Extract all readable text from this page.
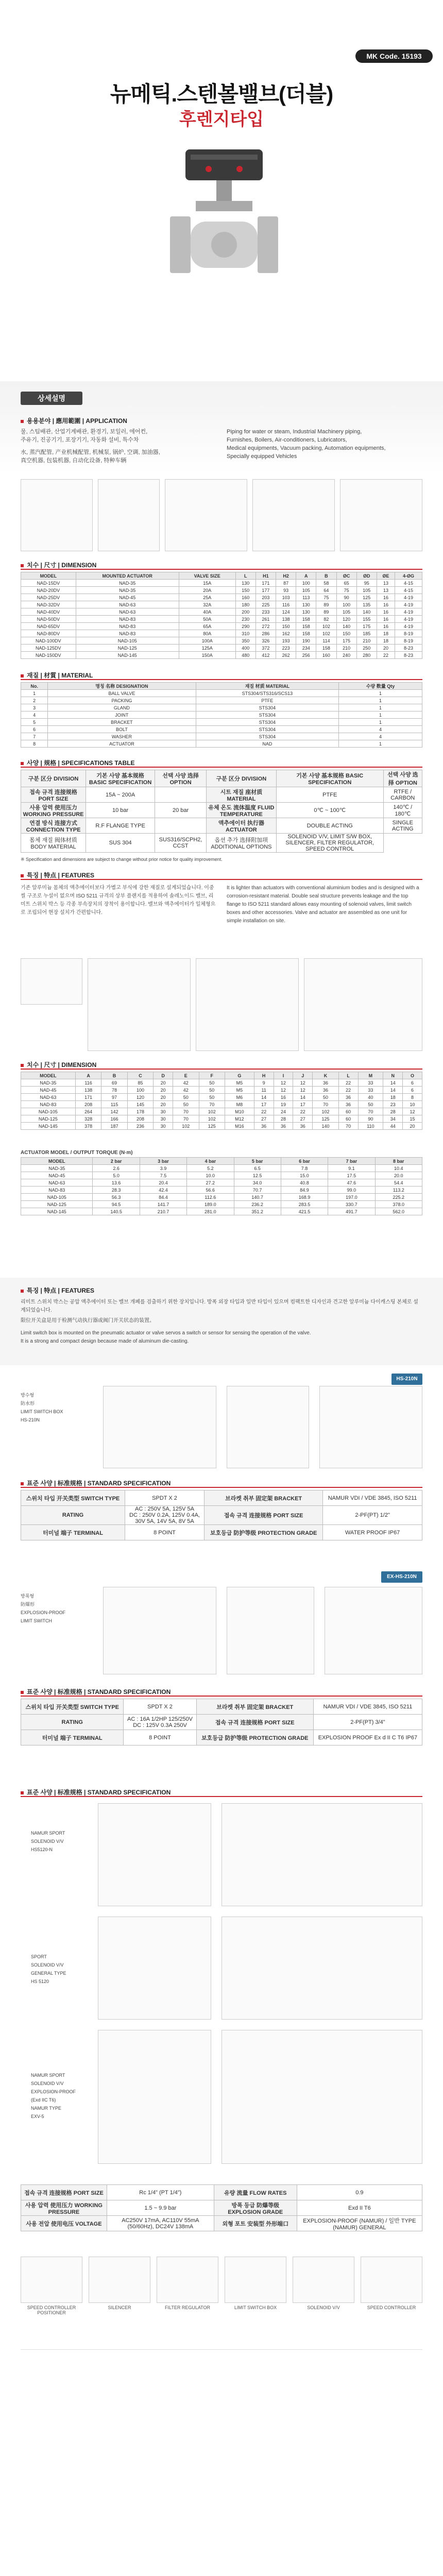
MK Code. 15193
뉴메틱.스텐볼밸브(더블)
후렌지타입
상세설명
용용분야 | 應用範圍 | APPLICATION
물, 스팀배관, 산업기계배관, 환경기, 보일러, 에어컨,
주유기, 진공기기, 포장기기, 자동화 설비, 특수차
水, 蒸汽配管, 产业机械配管, 机械泵, 锅炉, 空调, 加油器,
真空机器, 包装机器, 自动化设备, 特种车辆
Piping for water or steam, Industrial Machinery piping,
Furnishes, Boilers, Air-conditioners, Lubricators,
Medical equipments, Vacuum packing, Automation equipments,
Specially equipped Vehicles
치수 | 尺寸 | DIMENSION
MODEL	MOUNTED ACTUATOR	VALVE SIZE	L	H1	H2	A	B	ØC	ØD	ØE	4-ØG
NAD-15DV	NAD-35	15A	130	171	87	100	58	65	95	13	4-15
NAD-20DV	NAD-35	20A	150	177	93	105	64	75	105	13	4-15
NAD-25DV	NAD-45	25A	160	203	103	113	75	90	125	16	4-19
NAD-32DV	NAD-63	32A	180	225	116	130	89	100	135	16	4-19
NAD-40DV	NAD-63	40A	200	233	124	130	89	105	140	16	4-19
NAD-50DV	NAD-83	50A	230	261	138	158	82	120	155	16	4-19
NAD-65DV	NAD-83	65A	290	272	150	158	102	140	175	16	4-19
NAD-80DV	NAD-83	80A	310	286	162	158	102	150	185	18	8-19
NAD-100DV	NAD-105	100A	350	326	193	190	114	175	210	18	8-19
NAD-125DV	NAD-125	125A	400	372	223	234	158	210	250	20	8-23
NAD-150DV	NAD-145	150A	480	412	262	256	160	240	280	22	8-23
재질 | 材質 | MATERIAL
No.	명칭 名称 DESIGNATION	재질 材质 MATERIAL	수량 数量 Qty
1	BALL VALVE	STS304/STS316/SCS13	1
2	PACKING	PTFE	1
3	GLAND	STS304	1
4	JOINT	STS304	1
5	BRACKET	STS304	1
6	BOLT	STS304	4
7	WASHER	STS304	4
8	ACTUATOR	NAD	1
사양 | 规格 | SPECIFICATIONS TABLE
구분 区分 DIVISION	기본 사양 基本规格 BASIC SPECIFICATION	선택 사양 选择 OPTION	구분 区分 DIVISION	기본 사양 基本规格 BASIC SPECIFICATION	선택 사양 选择 OPTION
접속 규격 连接规格 PORT SIZE	15A ~ 200A		시트 재질 座材质 MATERIAL	PTFE	RTFE / CARBON
사용 압력 使用压力 WORKING PRESSURE	10 bar	20 bar	유체 온도 流体温度 FLUID TEMPERATURE	0℃ ~ 100℃	140℃ / 180℃
연결 방식 连接方式 CONNECTION TYPE	R.F FLANGE TYPE		액추에이터 执行器 ACTUATOR	DOUBLE ACTING	SINGLE ACTING
몸체 재질 阀体材质 BODY MATERIAL	SUS 304	SUS316/SCPH2, CCST	옵션 추가 选择附加项 ADDITIONAL OPTIONS	SOLENOID V/V, LIMIT S/W BOX, SILENCER, FILTER REGULATOR, SPEED CONTROL	
※ Specification and dimensions are subject to change without prior notice for quality improvement.
특징 | 特点 | FEATURES
기존 알루미늄 몸체의 액추에이터보다 가볍고 부식에 강한 재질로 설계되었습니다. 이중 씰 구조로 누설이 없으며 ISO 5211 규격의 상부 플랜지를 적용하여 솔레노이드 밸브, 리미트 스위치 박스 등 각종 부속장치의 장착이 용이합니다. 밸브와 액추에이터가 일체형으로 조립되어 현장 설치가 간편합니다.
It is lighter than actuators with conventional aluminium bodies and is designed with a corrosion-resistant material. Double seal structure prevents leakage and the top flange to ISO 5211 standard allows easy mounting of solenoid valves, limit switch boxes and other accessories. Valve and actuator are assembled as one unit for simple installation on site.
치수 | 尺寸 | DIMENSION
MODEL	A	B	C	D	E	F	G	H	I	J	K	L	M	N	O
NAD-35	116	69	85	20	42	50	M5	9	12	12	36	22	33	14	6
NAD-45	138	78	100	20	42	50	M5	11	12	12	36	22	33	14	6
NAD-63	171	97	120	20	50	50	M6	14	16	14	50	36	40	18	8
NAD-83	208	115	145	20	50	70	M8	17	19	17	70	36	50	23	10
NAD-105	264	142	178	30	70	102	M10	22	24	22	102	60	70	28	12
NAD-125	328	166	208	30	70	102	M12	27	28	27	125	60	90	34	15
NAD-145	378	187	236	30	102	125	M16	36	36	36	140	70	110	44	20
ACTUATOR MODEL / OUTPUT TORQUE (N·m)
MODEL	2 bar	3 bar	4 bar	5 bar	6 bar	7 bar	8 bar
NAD-35	2.6	3.9	5.2	6.5	7.8	9.1	10.4
NAD-45	5.0	7.5	10.0	12.5	15.0	17.5	20.0
NAD-63	13.6	20.4	27.2	34.0	40.8	47.6	54.4
NAD-83	28.3	42.4	56.6	70.7	84.9	99.0	113.2
NAD-105	56.3	84.4	112.6	140.7	168.9	197.0	225.2
NAD-125	94.5	141.7	189.0	236.2	283.5	330.7	378.0
NAD-145	140.5	210.7	281.0	351.2	421.5	491.7	562.0
특징 | 特点 | FEATURES
리미트 스위치 박스는 공압 액추에이터 또는 밸브 개폐를 검출하기 위한 장치입니다. 방폭 외장 타입과 일반 타입이 있으며 컴팩트한 디자인과 견고한 알루미늄 다이캐스팅 본체로 설계되었습니다.
限位开关盒是用于检测气动执行器或阀门开关状态的装置。
Limit switch box is mounted on the pneumatic actuator or valve servos a switch or sensor for sensing the operation of the valve.
It is a strong and compact design because made of aluminum die-casting.
HS-210N
방수형
防水形
LIMIT SWITCH BOX
HS-210N
표준 사양 | 标准规格 | STANDARD SPECIFICATION
스위치 타입 开关类型 SWITCH TYPE	SPDT X 2	브라켓 취부 固定架 BRACKET	NAMUR VDI / VDE 3845, ISO 5211
RATING	AC : 250V 5A, 125V 5A
DC : 250V 0.2A, 125V 0.4A,
30V 5A, 14V 5A, 8V 5A	접속 규격 连接规格 PORT SIZE	2-PF(PT) 1/2"
터미널 端子 TERMINAL	8 POINT	보호등급 防护等级 PROTECTION GRADE	WATER PROOF IP67
EX-HS-210N
방폭형
防爆形
EXPLOSION-PROOF
LIMIT SWITCH
표준 사양 | 标准规格 | STANDARD SPECIFICATION
스위치 타입 开关类型 SWITCH TYPE	SPDT X 2	브라켓 취부 固定架 BRACKET	NAMUR VDI / VDE 3845, ISO 5211
RATING	AC : 16A 1/2HP 125/250V
DC : 125V 0.3A 250V	접속 규격 连接规格 PORT SIZE	2-PF(PT) 3/4"
터미널 端子 TERMINAL	8 POINT	보호등급 防护等级 PROTECTION GRADE	EXPLOSION PROOF Ex d II C T6 IP67
표준 사양 | 标准规格 | STANDARD SPECIFICATION
NAMUR SPORT
SOLENOID V/V
HS5120-N
SPORT
SOLENOID V/V
GENERAL TYPE
HS 5120
NAMUR SPORT
SOLENOID V/V
EXPLOSION-PROOF
(Exd IIC T6)
NAMUR TYPE
EXV-5
접속 규격 连接规格 PORT SIZE	Rc 1/4" (PT 1/4")	유량 流量 FLOW RATES	0.9
사용 압력 使用压力 WORKING PRESSURE	1.5 ~ 9.9 bar	방폭 등급 防爆等级 EXPLOSION GRADE	Exd II T6
사용 전압 使用电压 VOLTAGE	AC250V 17mA, AC110V 55mA (50/60Hz), DC24V 138mA	외형 포트 安装型 外形端口	EXPLOSION-PROOF (NAMUR) / 일반 TYPE (NAMUR) GENERAL
SPEED CONTROLLER
POSITIONER
SILENCER	FILTER REGULATOR	LIMIT SWITCH BOX	SOLENOID V/V	SPEED CONTROLLER
